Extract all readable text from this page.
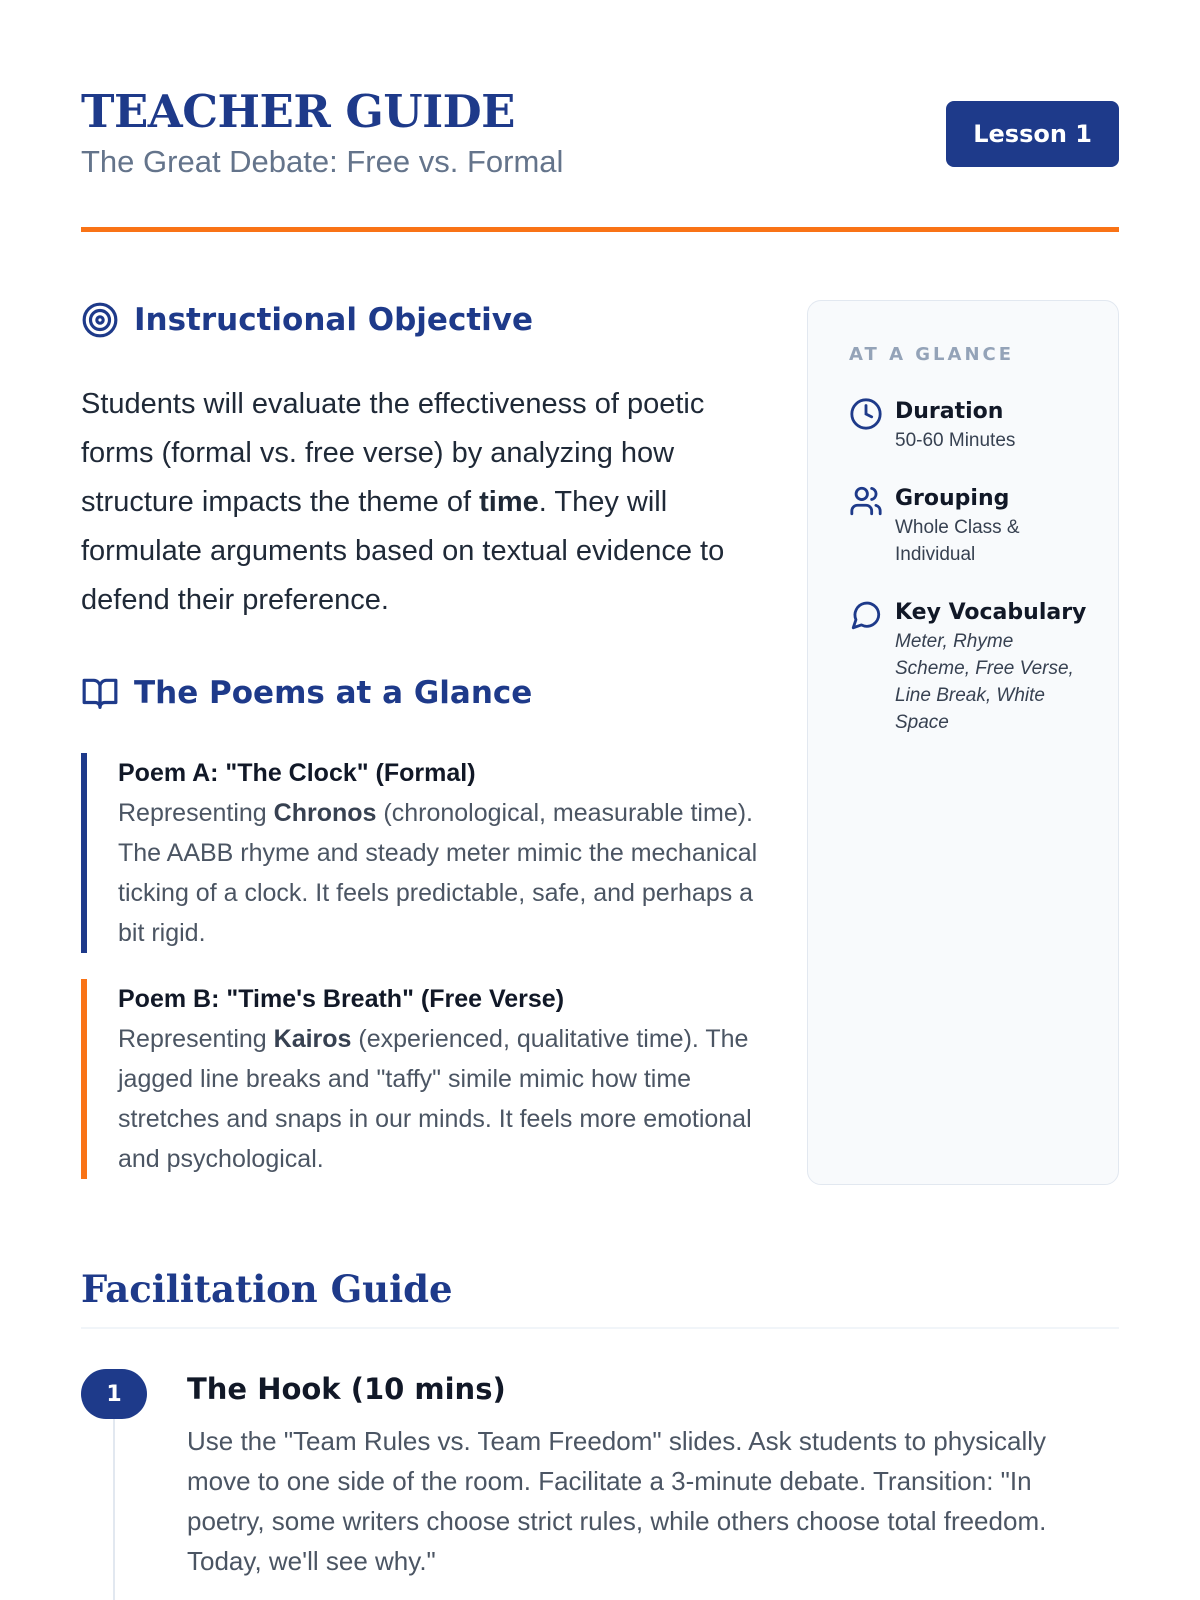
TEACHER GUIDE
The Great Debate: Free vs. Formal
Lesson 1
Instructional Objective

Students will evaluate the effectiveness of poetic forms (formal vs. free verse) by analyzing how structure impacts the theme of time. They will formulate arguments based on textual evidence to defend their preference.

The Poems at a Glance
Poem A: "The Clock" (Formal)
Representing Chronos (chronological, measurable time). The AABB rhyme and steady meter mimic the mechanical ticking of a clock. It feels predictable, safe, and perhaps a bit rigid.
Poem B: "Time's Breath" (Free Verse)
Representing Kairos (experienced, qualitative time). The jagged line breaks and "taffy" simile mimic how time stretches and snaps in our minds. It feels more emotional and psychological.
AT A GLANCE
Duration
50-60 Minutes
Grouping
Whole Class & Individual
Key Vocabulary
Meter, Rhyme Scheme, Free Verse, Line Break, White Space
Facilitation Guide
1	The Hook (10 mins)
Use the "Team Rules vs. Team Freedom" slides. Ask students to physically move to one side of the room. Facilitate a 3-minute debate. Transition: "In poetry, some writers choose strict rules, while others choose total freedom. Today, we'll see why."
